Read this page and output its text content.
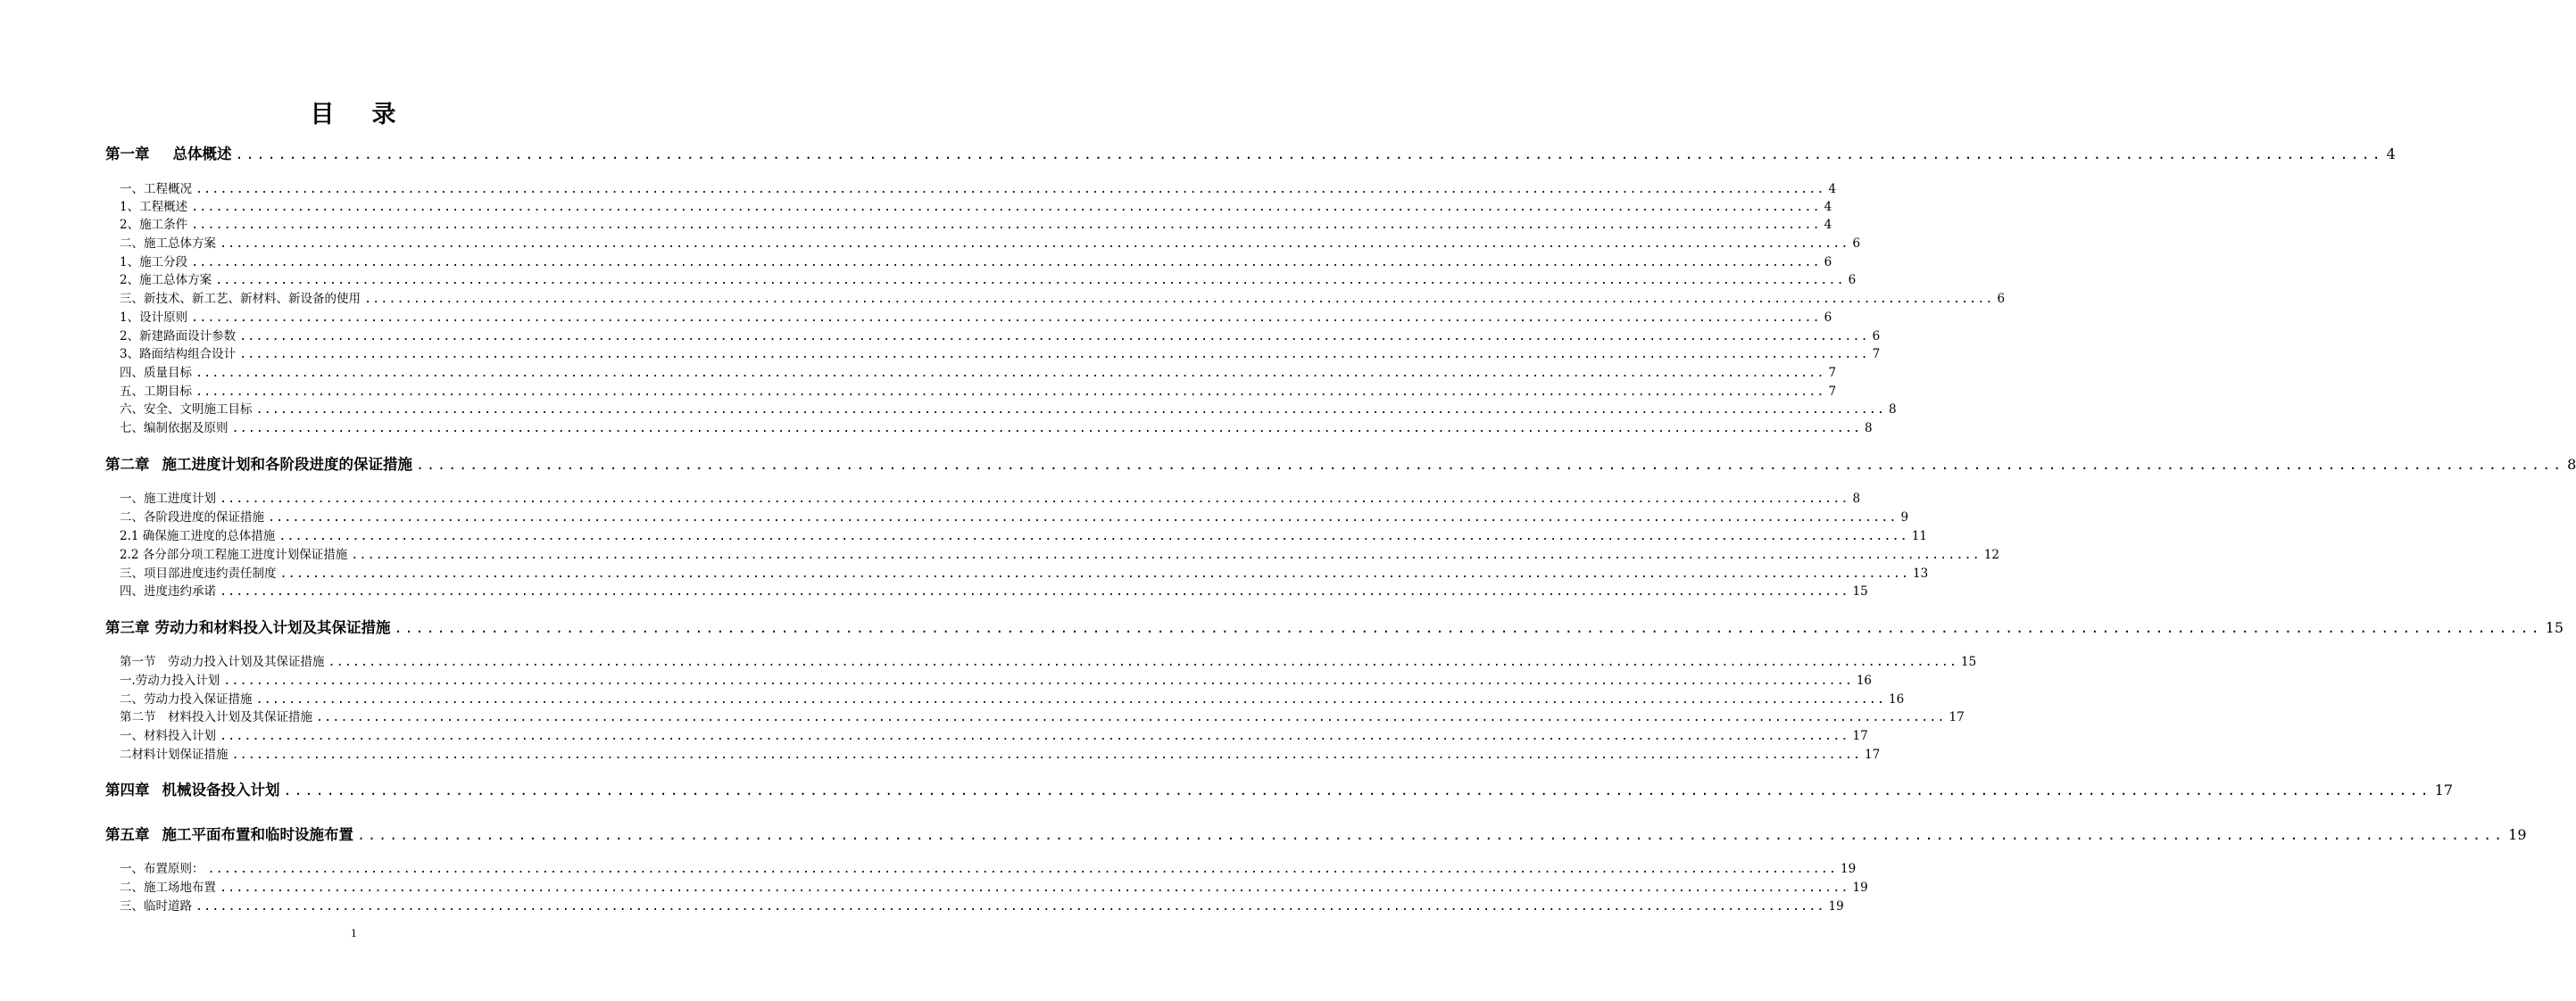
目 录
第一章 总体概述 ........................................................................................................................................................................................................ 4
一、工程概况 ........................................................................................................................................................................................................ 4
1、工程概述 ........................................................................................................................................................................................................ 4
2、施工条件 ........................................................................................................................................................................................................ 4
二、施工总体方案 ........................................................................................................................................................................................................ 6
1、施工分段 ........................................................................................................................................................................................................ 6
2、施工总体方案 ........................................................................................................................................................................................................ 6
三、新技术、新工艺、新材料、新设备的使用 ........................................................................................................................................................................................................ 6
1、设计原则 ........................................................................................................................................................................................................ 6
2、新建路面设计参数 ........................................................................................................................................................................................................ 6
3、路面结构组合设计 ........................................................................................................................................................................................................ 7
四、质量目标 ........................................................................................................................................................................................................ 7
五、工期目标 ........................................................................................................................................................................................................ 7
六、安全、文明施工目标 ........................................................................................................................................................................................................ 8
七、编制依据及原则 ........................................................................................................................................................................................................ 8
第二章 施工进度计划和各阶段进度的保证措施 ........................................................................................................................................................................................................ 8
一、施工进度计划 ........................................................................................................................................................................................................ 8
二、各阶段进度的保证措施 ........................................................................................................................................................................................................ 9
2.1 确保施工进度的总体措施 ........................................................................................................................................................................................................ 11
2.2 各分部分项工程施工进度计划保证措施 ........................................................................................................................................................................................................ 12
三、项目部进度违约责任制度 ........................................................................................................................................................................................................ 13
四、进度违约承诺 ........................................................................................................................................................................................................ 15
第三章 劳动力和材料投入计划及其保证措施 ........................................................................................................................................................................................................ 15
第一节　劳动力投入计划及其保证措施 ........................................................................................................................................................................................................ 15
一.劳动力投入计划 ........................................................................................................................................................................................................ 16
二、劳动力投入保证措施 ........................................................................................................................................................................................................ 16
第二节　材料投入计划及其保证措施 ........................................................................................................................................................................................................ 17
一、材料投入计划 ........................................................................................................................................................................................................ 17
二材料计划保证措施 ........................................................................................................................................................................................................ 17
第四章 机械设备投入计划 ........................................................................................................................................................................................................ 17
第五章 施工平面布置和临时设施布置 ........................................................................................................................................................................................................ 19
一、布置原则： ........................................................................................................................................................................................................ 19
二、施工场地布置 ........................................................................................................................................................................................................ 19
三、临时道路 ........................................................................................................................................................................................................ 19
1
